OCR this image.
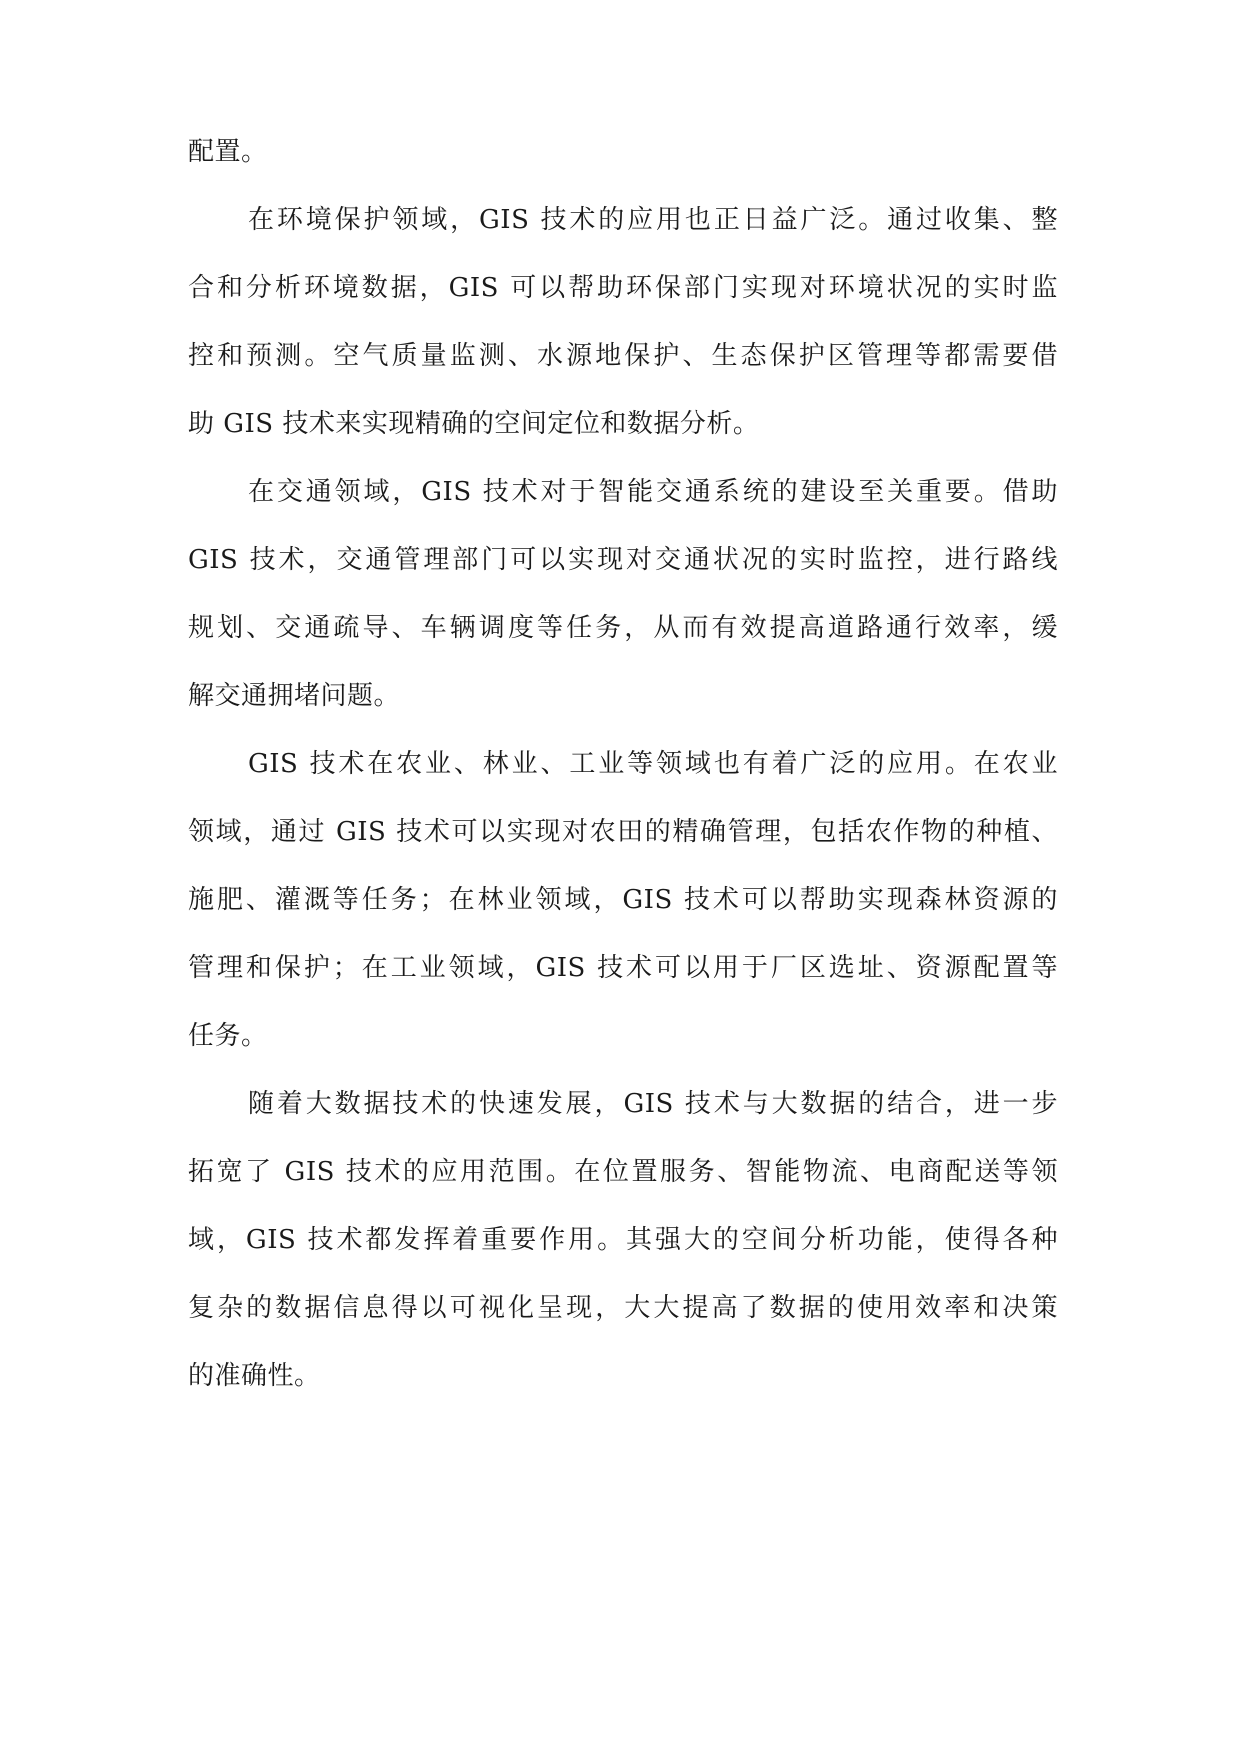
配置。
在环境保护领域，GIS 技术的应用也正日益广泛。通过收集、整
合和分析环境数据，GIS 可以帮助环保部门实现对环境状况的实时监
控和预测。空气质量监测、水源地保护、生态保护区管理等都需要借
助 GIS 技术来实现精确的空间定位和数据分析。
在交通领域，GIS 技术对于智能交通系统的建设至关重要。借助
GIS 技术，交通管理部门可以实现对交通状况的实时监控，进行路线
规划、交通疏导、车辆调度等任务，从而有效提高道路通行效率，缓
解交通拥堵问题。
GIS 技术在农业、林业、工业等领域也有着广泛的应用。在农业
领域，通过 GIS 技术可以实现对农田的精确管理，包括农作物的种植、
施肥、灌溉等任务；在林业领域，GIS 技术可以帮助实现森林资源的
管理和保护；在工业领域，GIS 技术可以用于厂区选址、资源配置等
任务。
随着大数据技术的快速发展，GIS 技术与大数据的结合，进一步
拓宽了 GIS 技术的应用范围。在位置服务、智能物流、电商配送等领
域，GIS 技术都发挥着重要作用。其强大的空间分析功能，使得各种
复杂的数据信息得以可视化呈现，大大提高了数据的使用效率和决策
的准确性。
